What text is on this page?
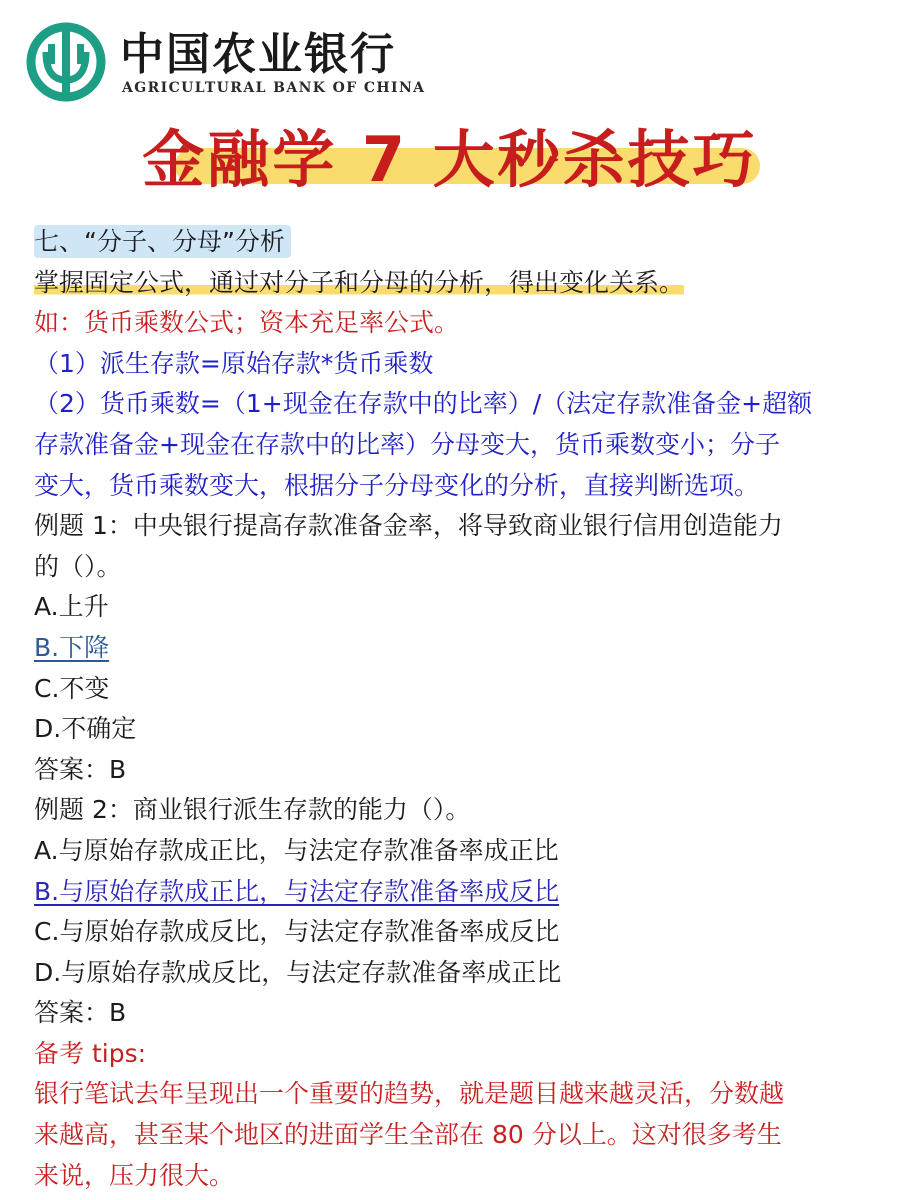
中国农业银行
AGRICULTURAL BANK OF CHINA
金融学 7 大秒杀技巧
七、“分子、分母”分析
掌握固定公式，通过对分子和分母的分析，得出变化关系。
如：货币乘数公式；资本充足率公式。
（1）派生存款=原始存款*货币乘数
（2）货币乘数=（1+现金在存款中的比率）/（法定存款准备金+超额
存款准备金+现金在存款中的比率）分母变大，货币乘数变小；分子
变大，货币乘数变大，根据分子分母变化的分析，直接判断选项。
例题 1：中央银行提高存款准备金率，将导致商业银行信用创造能力
的（）。
A.上升
B.下降
C.不变
D.不确定
答案：B
例题 2：商业银行派生存款的能力（）。
A.与原始存款成正比，与法定存款准备率成正比
B.与原始存款成正比，与法定存款准备率成反比
C.与原始存款成反比，与法定存款准备率成反比
D.与原始存款成反比，与法定存款准备率成正比
答案：B
备考 tips:
银行笔试去年呈现出一个重要的趋势，就是题目越来越灵活，分数越
来越高，甚至某个地区的进面学生全部在 80 分以上。这对很多考生
来说，压力很大。
